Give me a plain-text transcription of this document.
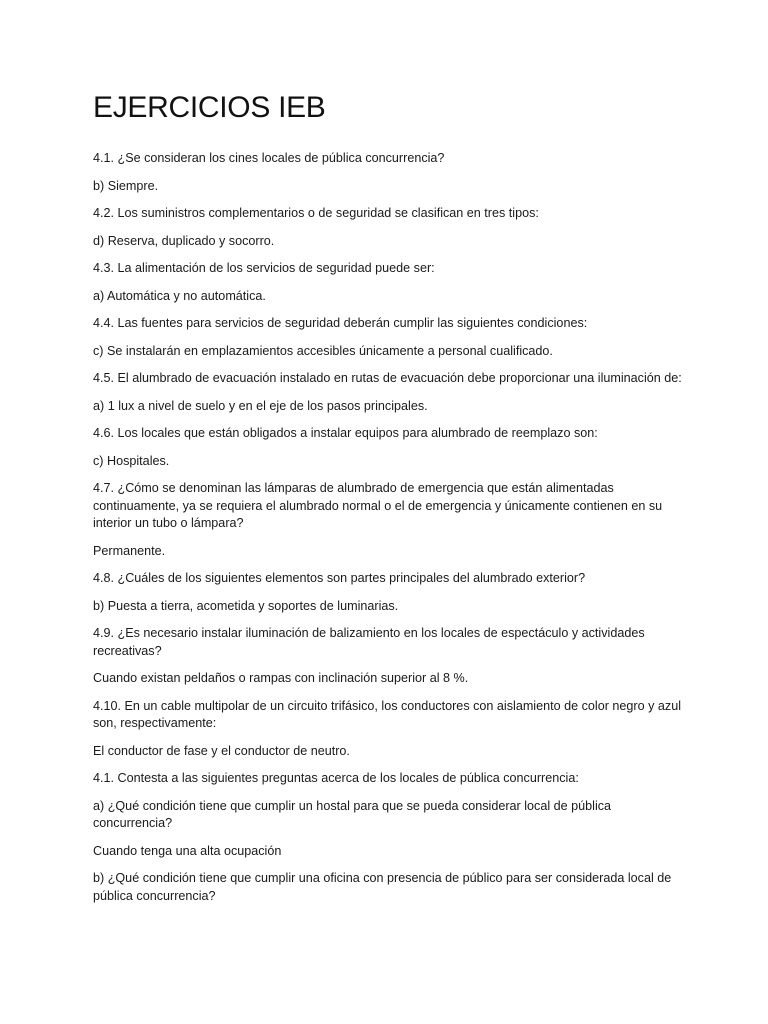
EJERCICIOS IEB

4.1. ¿Se consideran los cines locales de pública concurrencia?

b) Siempre.

4.2. Los suministros complementarios o de seguridad se clasifican en tres tipos:

d) Reserva, duplicado y socorro.

4.3. La alimentación de los servicios de seguridad puede ser:

a) Automática y no automática.

4.4. Las fuentes para servicios de seguridad deberán cumplir las siguientes condiciones:

c) Se instalarán en emplazamientos accesibles únicamente a personal cualificado.

4.5. El alumbrado de evacuación instalado en rutas de evacuación debe proporcionar una iluminación de:

a) 1 lux a nivel de suelo y en el eje de los pasos principales.

4.6. Los locales que están obligados a instalar equipos para alumbrado de reemplazo son:

c) Hospitales.

4.7. ¿Cómo se denominan las lámparas de alumbrado de emergencia que están alimentadas continuamente, ya se requiera el alumbrado normal o el de emergencia y únicamente contienen en su interior un tubo o lámpara?

Permanente.

4.8. ¿Cuáles de los siguientes elementos son partes principales del alumbrado exterior?

b) Puesta a tierra, acometida y soportes de luminarias.

4.9. ¿Es necesario instalar iluminación de balizamiento en los locales de espectáculo y actividades recreativas?

Cuando existan peldaños o rampas con inclinación superior al 8 %.

4.10. En un cable multipolar de un circuito trifásico, los conductores con aislamiento de color negro y azul son, respectivamente:

El conductor de fase y el conductor de neutro.

4.1. Contesta a las siguientes preguntas acerca de los locales de pública concurrencia:

a) ¿Qué condición tiene que cumplir un hostal para que se pueda considerar local de pública concurrencia?

Cuando tenga una alta ocupación

b) ¿Qué condición tiene que cumplir una oficina con presencia de público para ser considerada local de pública concurrencia?
